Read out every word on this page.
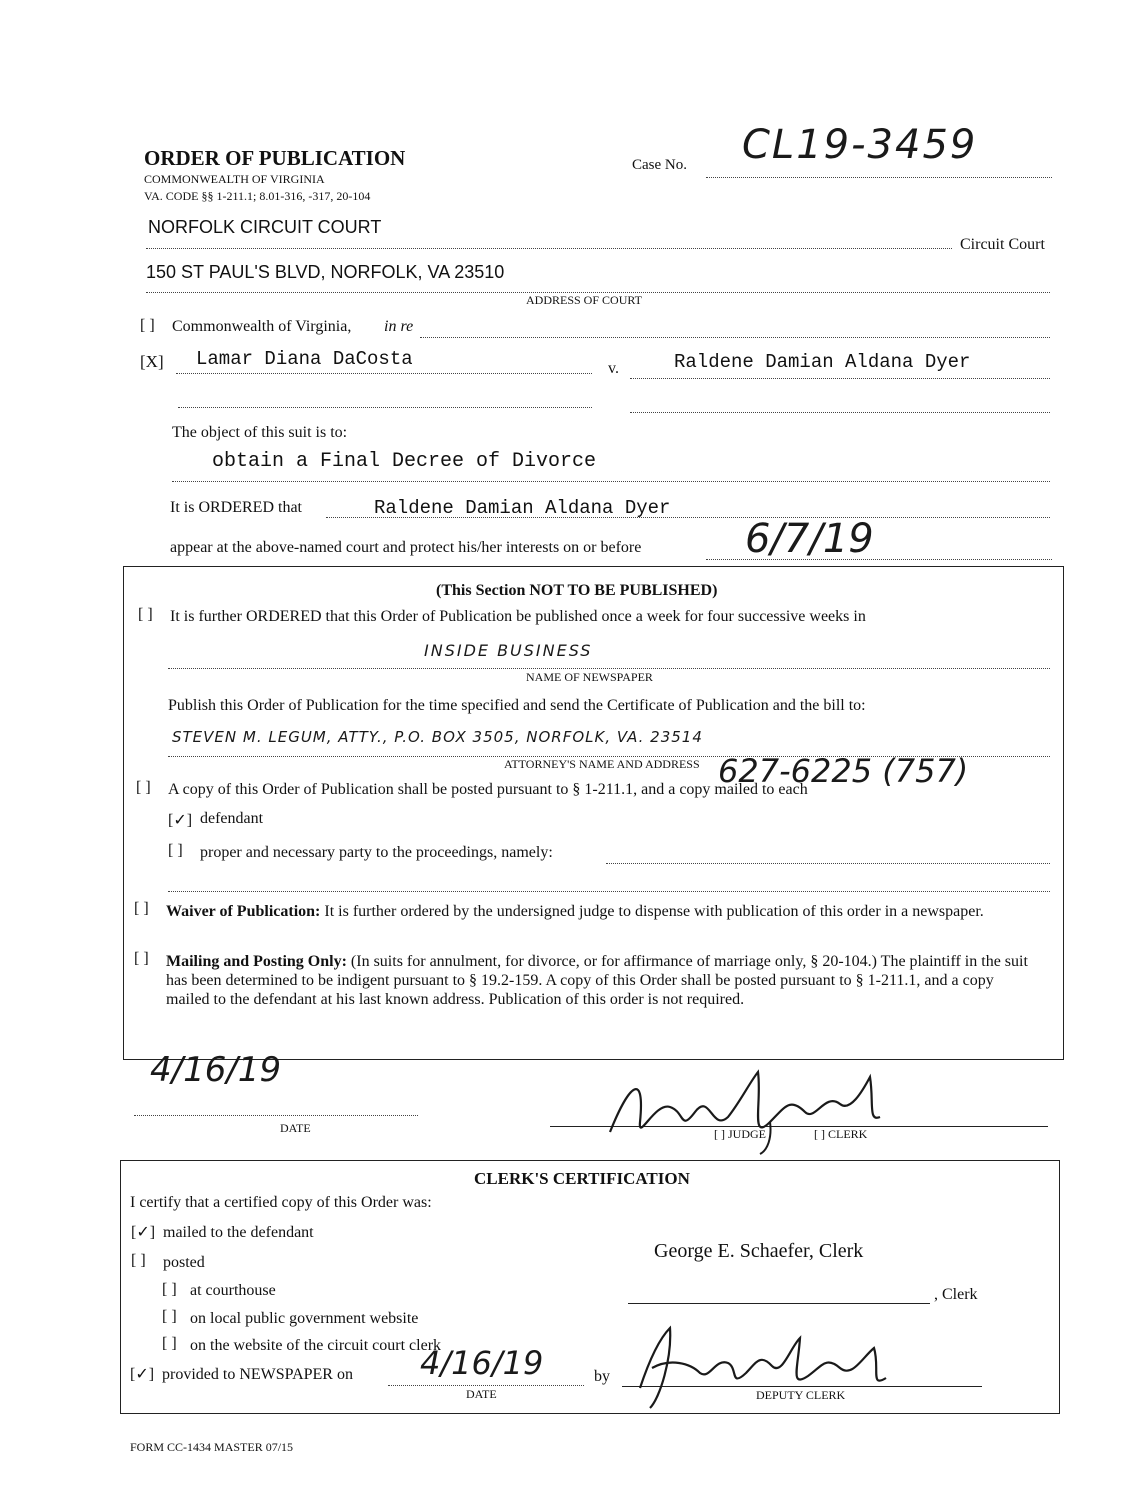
ORDER OF PUBLICATION
COMMONWEALTH OF VIRGINIA
VA. CODE §§ 1-211.1; 8.01-316, -317, 20-104
Case No. CL19-3459
NORFOLK CIRCUIT COURT
Circuit Court
150 ST PAUL'S BLVD, NORFOLK, VA 23510
ADDRESS OF COURT
[ ] Commonwealth of Virginia, in re
[X] Lamar Diana DaCosta	v.	Raldene Damian Aldana Dyer
The object of this suit is to:
obtain a Final Decree of Divorce
It is ORDERED that	Raldene Damian Aldana Dyer
appear at the above-named court and protect his/her interests on or before	6/7/19
(This Section NOT TO BE PUBLISHED)
[ ] It is further ORDERED that this Order of Publication be published once a week for four successive weeks in
INSIDE BUSINESS
NAME OF NEWSPAPER
Publish this Order of Publication for the time specified and send the Certificate of Publication and the bill to:
STEVEN M. LEGUM, ATTY., P.O. BOX 3505, NORFOLK, VA. 23514
ATTORNEY'S NAME AND ADDRESS 627-6225 (757)
[ ] A copy of this Order of Publication shall be posted pursuant to § 1-211.1, and a copy mailed to each
[✓] defendant
[ ] proper and necessary party to the proceedings, namely:
[ ] Waiver of Publication: It is further ordered by the undersigned judge to dispense with publication of this order in a newspaper.
[ ] Mailing and Posting Only: (In suits for annulment, for divorce, or for affirmance of marriage only, § 20-104.) The plaintiff in the suit has been determined to be indigent pursuant to § 19.2-159. A copy of this Order shall be posted pursuant to § 1-211.1, and a copy mailed to the defendant at his last known address. Publication of this order is not required.
4/16/19
DATE	[ ] JUDGE	[ ] CLERK
CLERK'S CERTIFICATION
I certify that a certified copy of this Order was:
[✓] mailed to the defendant
[ ] posted
[ ] at courthouse
[ ] on local public government website
[ ] on the website of the circuit court clerk
[✓] provided to NEWSPAPER on 4/16/19
DATE
by
George E. Schaefer, Clerk
, Clerk
DEPUTY CLERK
FORM CC-1434 MASTER 07/15
